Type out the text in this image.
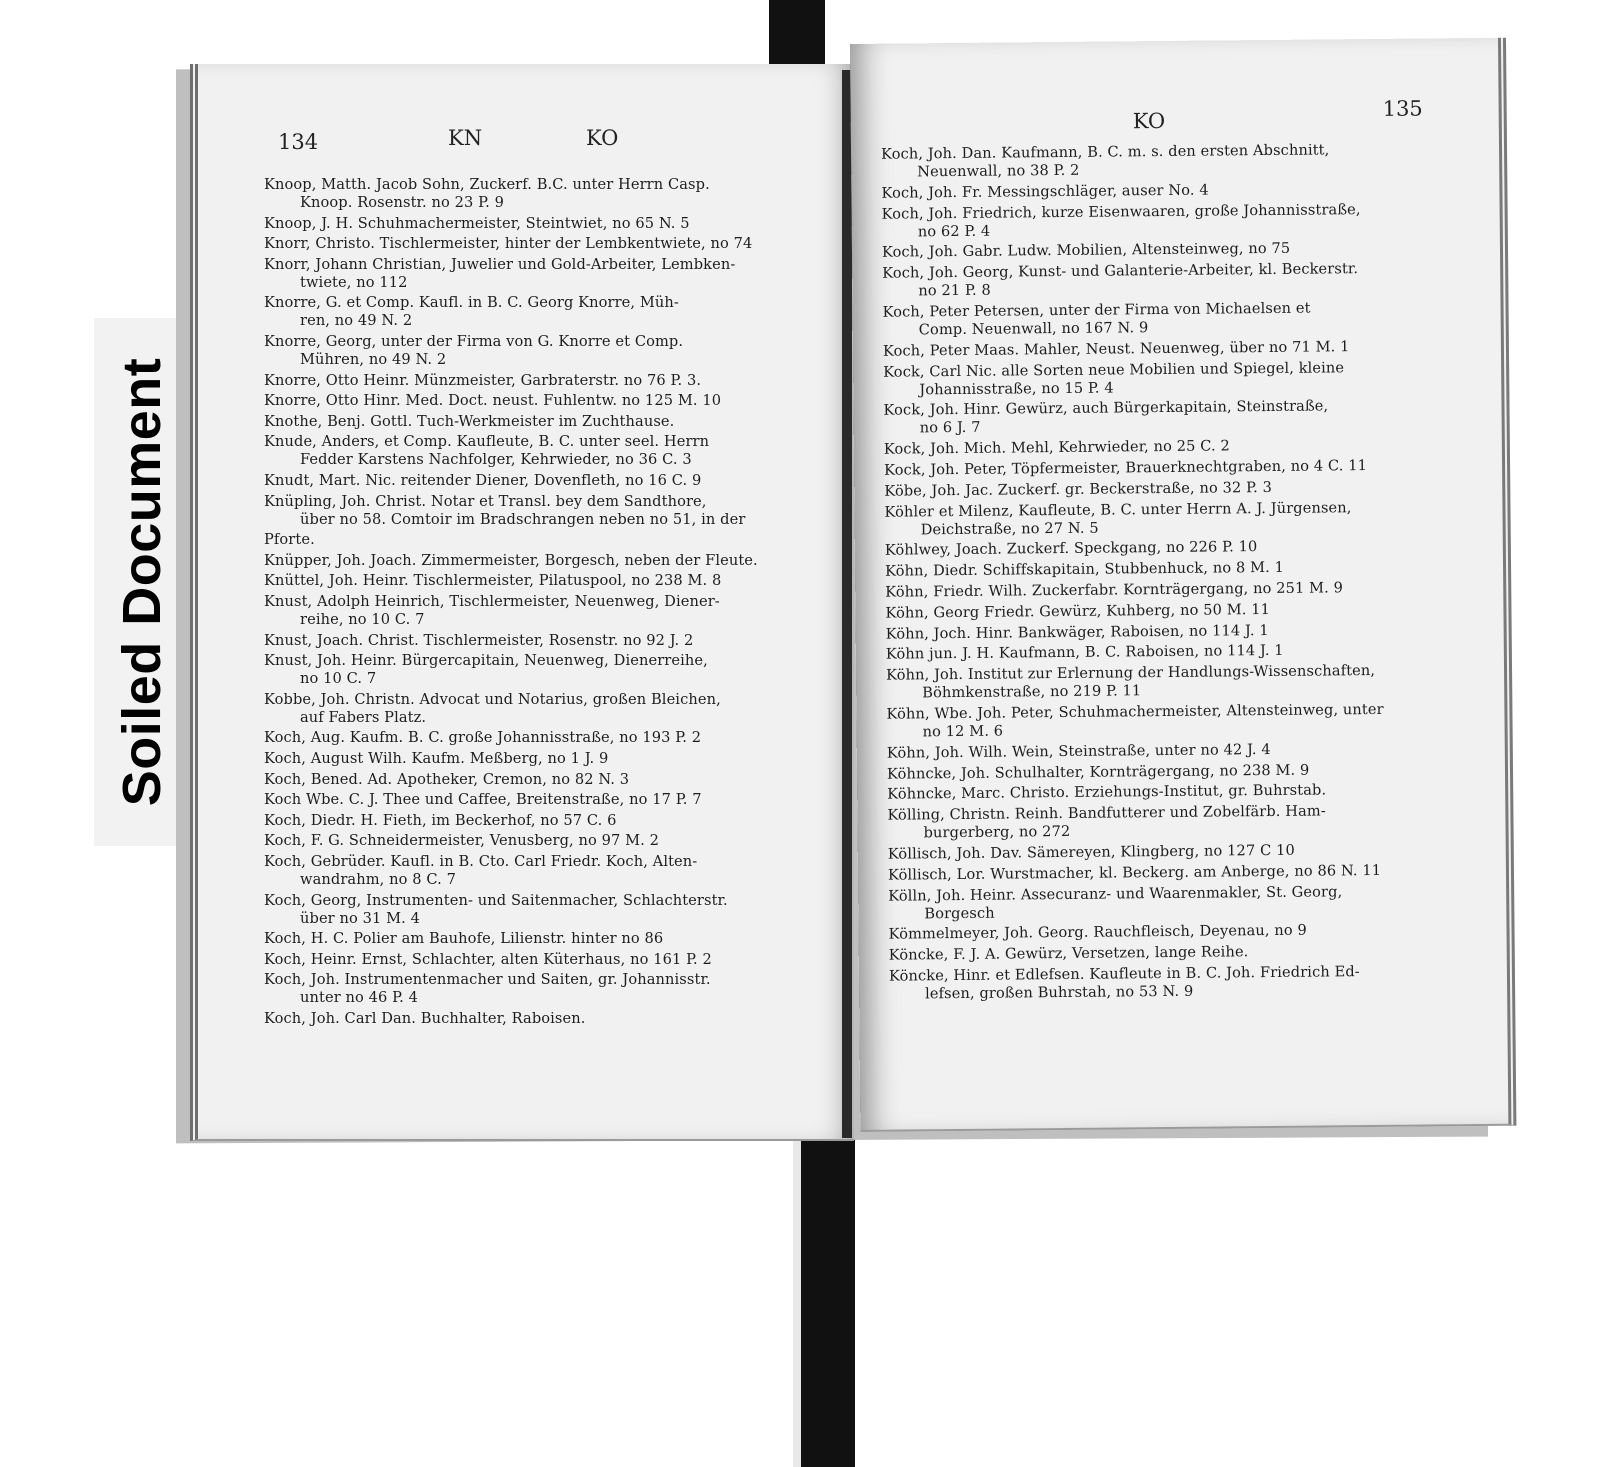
Soiled Document
134	KN	KO
Knoop, Matth. Jacob Sohn, Zuckerf. B.C. unter Herrn Casp.
Knoop. Rosenstr. no 23 P. 9
Knoop, J. H. Schuhmachermeister, Steintwiet, no 65 N. 5
Knorr, Christo. Tischlermeister, hinter der Lembkentwiete, no 74
Knorr, Johann Christian, Juwelier und Gold-Arbeiter, Lembken-
twiete, no 112
Knorre, G. et Comp. Kaufl. in B. C. Georg Knorre, Müh-
ren, no 49 N. 2
Knorre, Georg, unter der Firma von G. Knorre et Comp.
Mühren, no 49 N. 2
Knorre, Otto Heinr. Münzmeister, Garbraterstr. no 76 P. 3.
Knorre, Otto Hinr. Med. Doct. neust. Fuhlentw. no 125 M. 10
Knothe, Benj. Gottl. Tuch-Werkmeister im Zuchthause.
Knude, Anders, et Comp. Kaufleute, B. C. unter seel. Herrn
Fedder Karstens Nachfolger, Kehrwieder, no 36 C. 3
Knudt, Mart. Nic. reitender Diener, Dovenfleth, no 16 C. 9
Knüpling, Joh. Christ. Notar et Transl. bey dem Sandthore,
über no 58. Comtoir im Bradschrangen neben no 51, in der
Pforte.
Knüpper, Joh. Joach. Zimmermeister, Borgesch, neben der Fleute.
Knüttel, Joh. Heinr. Tischlermeister, Pilatuspool, no 238 M. 8
Knust, Adolph Heinrich, Tischlermeister, Neuenweg, Diener-
reihe, no 10 C. 7
Knust, Joach. Christ. Tischlermeister, Rosenstr. no 92 J. 2
Knust, Joh. Heinr. Bürgercapitain, Neuenweg, Dienerreihe,
no 10 C. 7
Kobbe, Joh. Christn. Advocat und Notarius, großen Bleichen,
auf Fabers Platz.
Koch, Aug. Kaufm. B. C. große Johannisstraße, no 193 P. 2
Koch, August Wilh. Kaufm. Meßberg, no 1 J. 9
Koch, Bened. Ad. Apotheker, Cremon, no 82 N. 3
Koch Wbe. C. J. Thee und Caffee, Breitenstraße, no 17 P. 7
Koch, Diedr. H. Fieth, im Beckerhof, no 57 C. 6
Koch, F. G. Schneidermeister, Venusberg, no 97 M. 2
Koch, Gebrüder. Kaufl. in B. Cto. Carl Friedr. Koch, Alten-
wandrahm, no 8 C. 7
Koch, Georg, Instrumenten- und Saitenmacher, Schlachterstr.
über no 31 M. 4
Koch, H. C. Polier am Bauhofe, Lilienstr. hinter no 86
Koch, Heinr. Ernst, Schlachter, alten Küterhaus, no 161 P. 2
Koch, Joh. Instrumentenmacher und Saiten, gr. Johannisstr.
unter no 46 P. 4
Koch, Joh. Carl Dan. Buchhalter, Raboisen.
KO
135
Koch, Joh. Dan. Kaufmann, B. C. m. s. den ersten Abschnitt,
Neuenwall, no 38 P. 2
Koch, Joh. Fr. Messingschläger, auser No. 4
Koch, Joh. Friedrich, kurze Eisenwaaren, große Johannisstraße,
no 62 P. 4
Koch, Joh. Gabr. Ludw. Mobilien, Altensteinweg, no 75
Koch, Joh. Georg, Kunst- und Galanterie-Arbeiter, kl. Beckerstr.
no 21 P. 8
Koch, Peter Petersen, unter der Firma von Michaelsen et
Comp. Neuenwall, no 167 N. 9
Koch, Peter Maas. Mahler, Neust. Neuenweg, über no 71 M. 1
Kock, Carl Nic. alle Sorten neue Mobilien und Spiegel, kleine
Johannisstraße, no 15 P. 4
Kock, Joh. Hinr. Gewürz, auch Bürgerkapitain, Steinstraße,
no 6 J. 7
Kock, Joh. Mich. Mehl, Kehrwieder, no 25 C. 2
Kock, Joh. Peter, Töpfermeister, Brauerknechtgraben, no 4 C. 11
Köbe, Joh. Jac. Zuckerf. gr. Beckerstraße, no 32 P. 3
Köhler et Milenz, Kaufleute, B. C. unter Herrn A. J. Jürgensen,
Deichstraße, no 27 N. 5
Köhlwey, Joach. Zuckerf. Speckgang, no 226 P. 10
Köhn, Diedr. Schiffskapitain, Stubbenhuck, no 8 M. 1
Köhn, Friedr. Wilh. Zuckerfabr. Kornträgergang, no 251 M. 9
Köhn, Georg Friedr. Gewürz, Kuhberg, no 50 M. 11
Köhn, Joch. Hinr. Bankwäger, Raboisen, no 114 J. 1
Köhn jun. J. H. Kaufmann, B. C. Raboisen, no 114 J. 1
Köhn, Joh. Institut zur Erlernung der Handlungs-Wissenschaften,
Böhmkenstraße, no 219 P. 11
Köhn, Wbe. Joh. Peter, Schuhmachermeister, Altensteinweg, unter
no 12 M. 6
Köhn, Joh. Wilh. Wein, Steinstraße, unter no 42 J. 4
Köhncke, Joh. Schulhalter, Kornträgergang, no 238 M. 9
Köhncke, Marc. Christo. Erziehungs-Institut, gr. Buhrstab.
Kölling, Christn. Reinh. Bandfutterer und Zobelfärb. Ham-
burgerberg, no 272
Köllisch, Joh. Dav. Sämereyen, Klingberg, no 127 C 10
Köllisch, Lor. Wurstmacher, kl. Beckerg. am Anberge, no 86 N. 11
Kölln, Joh. Heinr. Assecuranz- und Waarenmakler, St. Georg,
Borgesch
Kömmelmeyer, Joh. Georg. Rauchfleisch, Deyenau, no 9
Köncke, F. J. A. Gewürz, Versetzen, lange Reihe.
Köncke, Hinr. et Edlefsen. Kaufleute in B. C. Joh. Friedrich Ed-
lefsen, großen Buhrstah, no 53 N. 9
